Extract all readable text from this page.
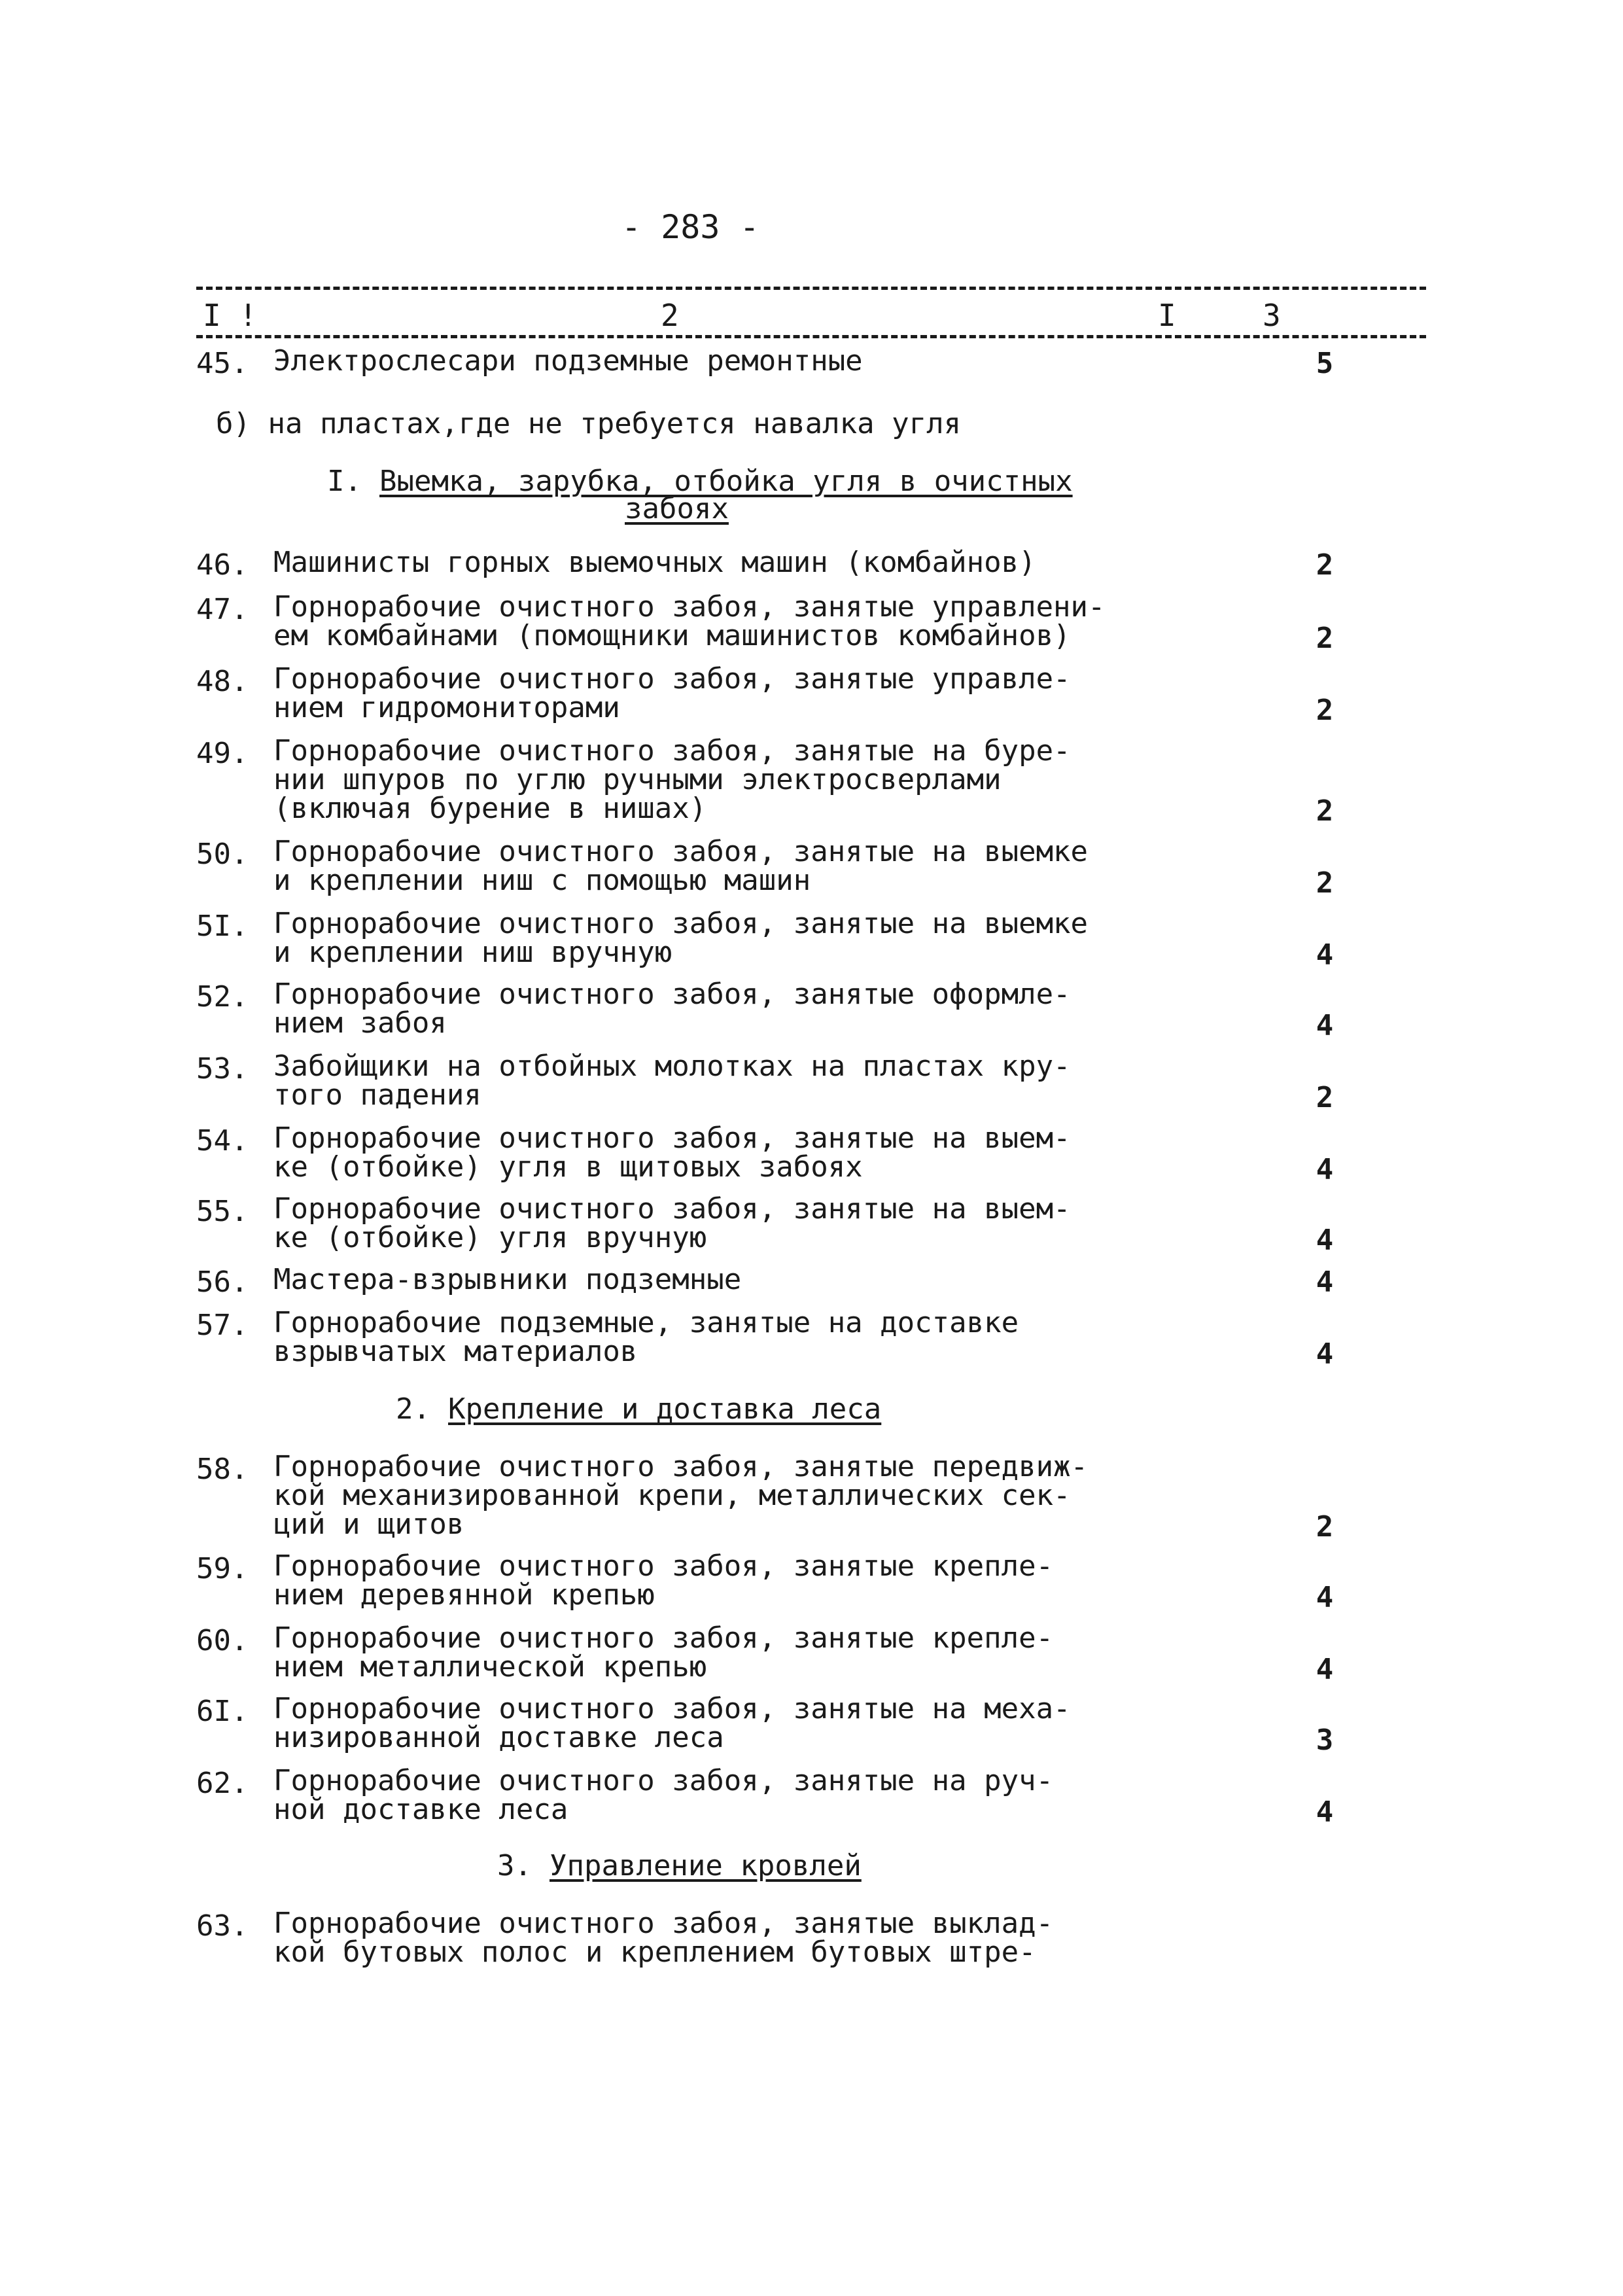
- 283 -
I !	2	I	3
45. Электрослесари подземные ремонтные	5
б) на пластах,где не требуется навалка угля
I. Выемка, зарубка, отбойка угля в очистных
забоях
46. Машинисты горных выемочных машин (комбайнов)	2
47. Горнорабочие очистного забоя, занятые управлени-
ем комбайнами (помощники машинистов комбайнов)	2
48. Горнорабочие очистного забоя, занятые управле-
нием гидромониторами	2
49. Горнорабочие очистного забоя, занятые на буре-
нии шпуров по углю ручными электросверлами
(включая бурение в нишах)	2
50. Горнорабочие очистного забоя, занятые на выемке
и креплении ниш с помощью машин	2
5I. Горнорабочие очистного забоя, занятые на выемке
и креплении ниш вручную	4
52. Горнорабочие очистного забоя, занятые оформле-
нием забоя	4
53. Забойщики на отбойных молотках на пластах кру-
того падения	2
54. Горнорабочие очистного забоя, занятые на выем-
ке (отбойке) угля в щитовых забоях	4
55. Горнорабочие очистного забоя, занятые на выем-
ке (отбойке) угля вручную	4
56. Мастера-взрывники подземные	4
57. Горнорабочие подземные, занятые на доставке
взрывчатых материалов	4
2. Крепление и доставка леса
58. Горнорабочие очистного забоя, занятые передвиж-
кой механизированной крепи, металлических сек-
ций и щитов	2
59. Горнорабочие очистного забоя, занятые крепле-
нием деревянной крепью	4
60. Горнорабочие очистного забоя, занятые крепле-
нием металлической крепью	4
6I. Горнорабочие очистного забоя, занятые на меха-
низированной доставке леса	3
62. Горнорабочие очистного забоя, занятые на руч-
ной доставке леса	4
3. Управление кровлей
63. Горнорабочие очистного забоя, занятые выклад-
кой бутовых полос и креплением бутовых штре-
